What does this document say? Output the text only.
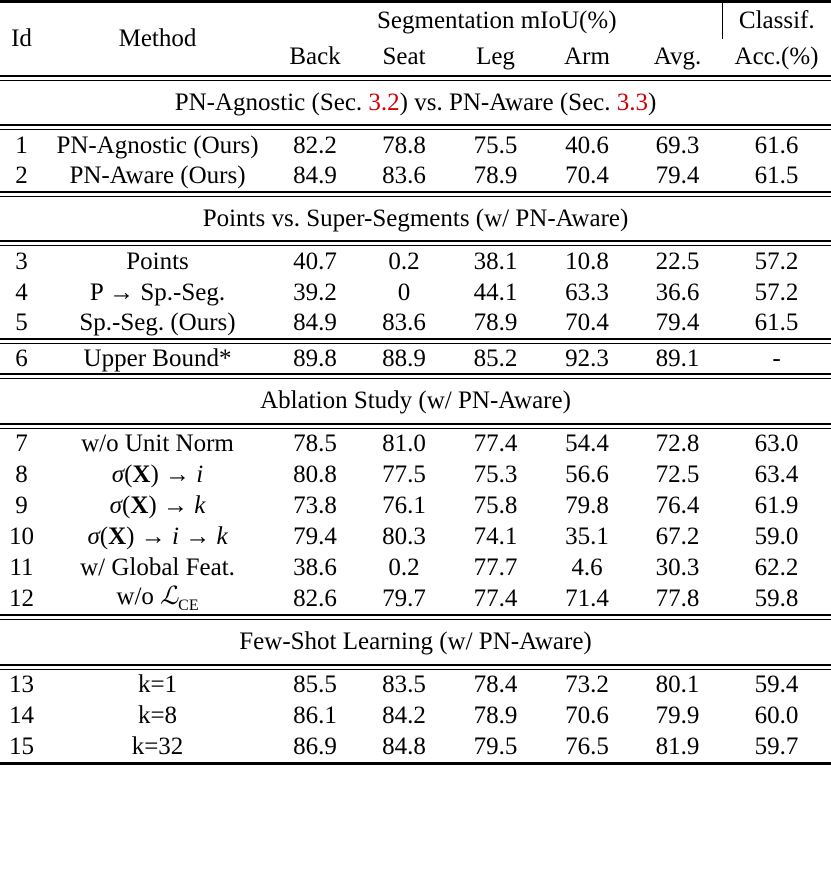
Id	Method	Segmentation mIoU(%)					Classif.
		Back	Seat	Leg	Arm	Avg.	Acc.(%)

PN-Agnostic (Sec. 3.2) vs. PN-Aware (Sec. 3.3)							

1	PN-Agnostic (Ours)	82.2	78.8	75.5	40.6	69.3	61.6
2	PN-Aware (Ours)	84.9	83.6	78.9	70.4	79.4	61.5

Points vs. Super-Segments (w/ PN-Aware)							

3	Points	40.7	0.2	38.1	10.8	22.5	57.2
4	P → Sp.-Seg.	39.2	0	44.1	63.3	36.6	57.2
5	Sp.-Seg. (Ours)	84.9	83.6	78.9	70.4	79.4	61.5

6	Upper Bound*	89.8	88.9	85.2	92.3	89.1	-

Ablation Study (w/ PN-Aware)							

7	w/o Unit Norm	78.5	81.0	77.4	54.4	72.8	63.0
8	σ(X) → i	80.8	77.5	75.3	56.6	72.5	63.4
9	σ(X) → k	73.8	76.1	75.8	79.8	76.4	61.9
10	σ(X) → i → k	79.4	80.3	74.1	35.1	67.2	59.0
11	w/ Global Feat.	38.6	0.2	77.7	4.6	30.3	62.2
12	w/o ℒ$_{CE}$	82.6	79.7	77.4	71.4	77.8	59.8

Few-Shot Learning (w/ PN-Aware)							

13	k=1	85.5	83.5	78.4	73.2	80.1	59.4
14	k=8	86.1	84.2	78.9	70.6	79.9	60.0
15	k=32	86.9	84.8	79.5	76.5	81.9	59.7
